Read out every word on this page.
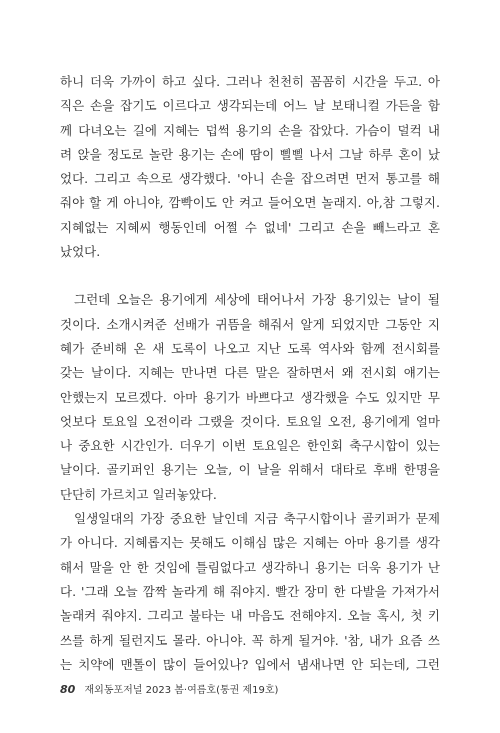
하니 더욱 가까이 하고 싶다. 그러나 천천히 꼼꼼히 시간을 두고. 아
직은 손을 잡기도 이르다고 생각되는데 어느 날 보태니컬 가든을 함
께 다녀오는 길에 지혜는 덥썩 용기의 손을 잡았다. 가슴이 덜컥 내
려 앉을 정도로 놀란 용기는 손에 땀이 삘삘 나서 그날 하루 혼이 났
었다. 그리고 속으로 생각했다. '아니 손을 잡으려면 먼저 통고를 해
줘야 할 게 아니야, 깜빡이도 안 켜고 들어오면 놀래지. 아,참 그렇지.
지혜없는 지혜씨 행동인데 어쩔 수 없네' 그리고 손을 빼느라고 혼
났었다.
그런데 오늘은 용기에게 세상에 태어나서 가장 용기있는 날이 될
것이다. 소개시켜준 선배가 귀뜸을 해줘서 알게 되었지만 그동안 지
혜가 준비해 온 새 도록이 나오고 지난 도록 역사와 함께 전시회를
갖는 날이다. 지혜는 만나면 다른 말은 잘하면서 왜 전시회 얘기는
안했는지 모르겠다. 아마 용기가 바쁘다고 생각했을 수도 있지만 무
엇보다 토요일 오전이라 그랬을 것이다. 토요일 오전, 용기에게 얼마
나 중요한 시간인가. 더우기 이번 토요일은 한인회 축구시합이 있는
날이다. 골키퍼인 용기는 오늘, 이 날을 위해서 대타로 후배 한명을
단단히 가르치고 일러놓았다.
일생일대의 가장 중요한 날인데 지금 축구시합이나 골키퍼가 문제
가 아니다. 지혜롭지는 못해도 이해심 많은 지혜는 아마 용기를 생각
해서 말을 안 한 것임에 틀림없다고 생각하니 용기는 더욱 용기가 난
다. '그래 오늘 깜짝 놀라게 해 줘야지. 빨간 장미 한 다발을 가져가서
놀래켜 줘야지. 그리고 불타는 내 마음도 전해야지. 오늘 혹시, 첫 키
쓰를 하게 될런지도 몰라. 아니야. 꼭 하게 될거야. '참, 내가 요즘 쓰
는 치약에 맨톨이 많이 들어있나? 입에서 냄새나면 안 되는데, 그런
80 재외동포저널 2023 봄·여름호(통권 제19호)
